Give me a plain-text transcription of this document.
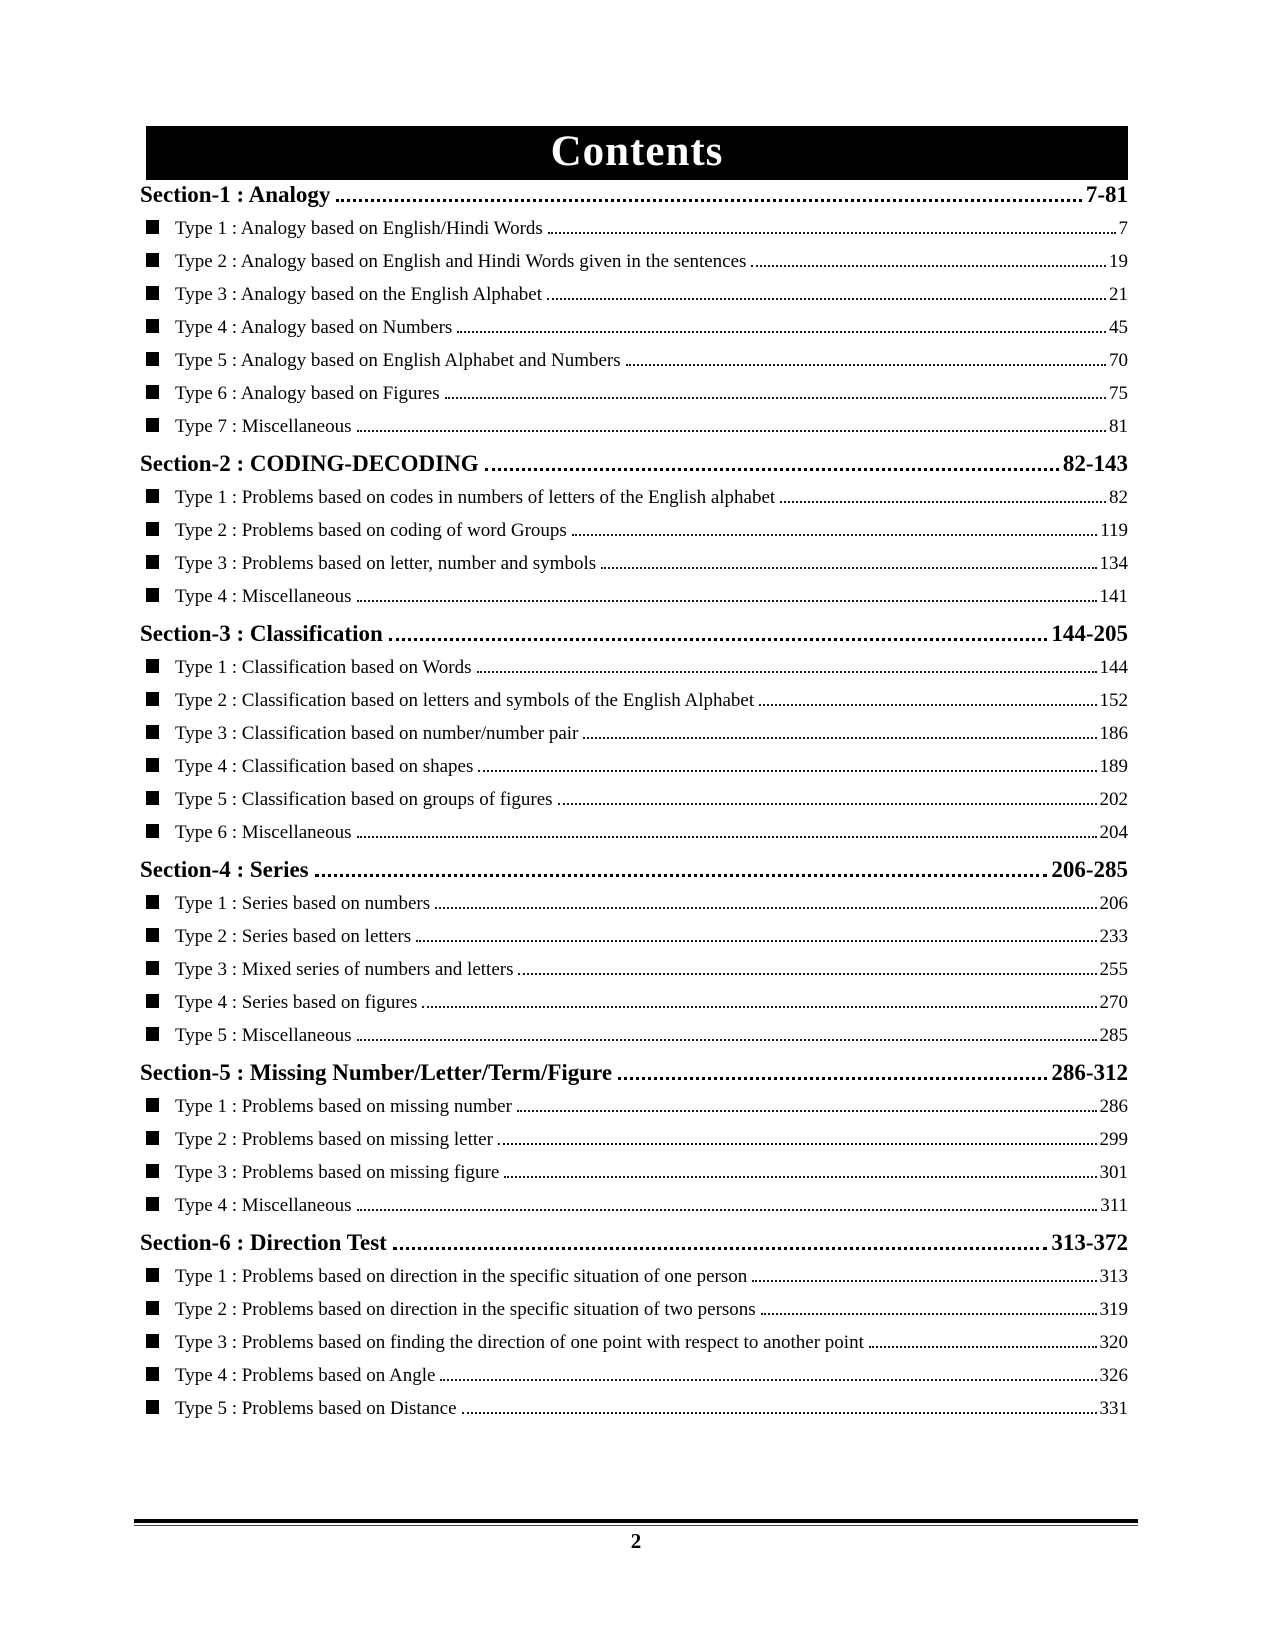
Contents
Section-1 : Analogy	7-81
Type 1 : Analogy based on English/Hindi Words	7
Type 2 : Analogy based on English and Hindi Words given in the sentences	19
Type 3 : Analogy based on the English Alphabet	21
Type 4 : Analogy based on Numbers	45
Type 5 : Analogy based on English Alphabet and Numbers	70
Type 6 : Analogy based on Figures	75
Type 7 : Miscellaneous	81
Section-2 : CODING-DECODING	82-143
Type 1 : Problems based on codes in numbers of letters of the English alphabet	82
Type 2 : Problems based on coding of word Groups	119
Type 3 : Problems based on letter, number and symbols	134
Type 4 : Miscellaneous	141
Section-3 : Classification	144-205
Type 1 : Classification based on Words	144
Type 2 : Classification based on letters and symbols of the English Alphabet	152
Type 3 : Classification based on number/number pair	186
Type 4 : Classification based on shapes	189
Type 5 : Classification based on groups of figures	202
Type 6 : Miscellaneous	204
Section-4 : Series	206-285
Type 1 : Series based on numbers	206
Type 2 : Series based on letters	233
Type 3 : Mixed series of numbers and letters	255
Type 4 : Series based on figures	270
Type 5 : Miscellaneous	285
Section-5 : Missing Number/Letter/Term/Figure	286-312
Type 1 : Problems based on missing number	286
Type 2 : Problems based on missing letter	299
Type 3 : Problems based on missing figure	301
Type 4 : Miscellaneous	311
Section-6 : Direction Test	313-372
Type 1 : Problems based on direction in the specific situation of one person	313
Type 2 : Problems based on direction in the specific situation of two persons	319
Type 3 : Problems based on finding the direction of one point with respect to another point	320
Type 4 : Problems based on Angle	326
Type 5 : Problems based on Distance	331
2
